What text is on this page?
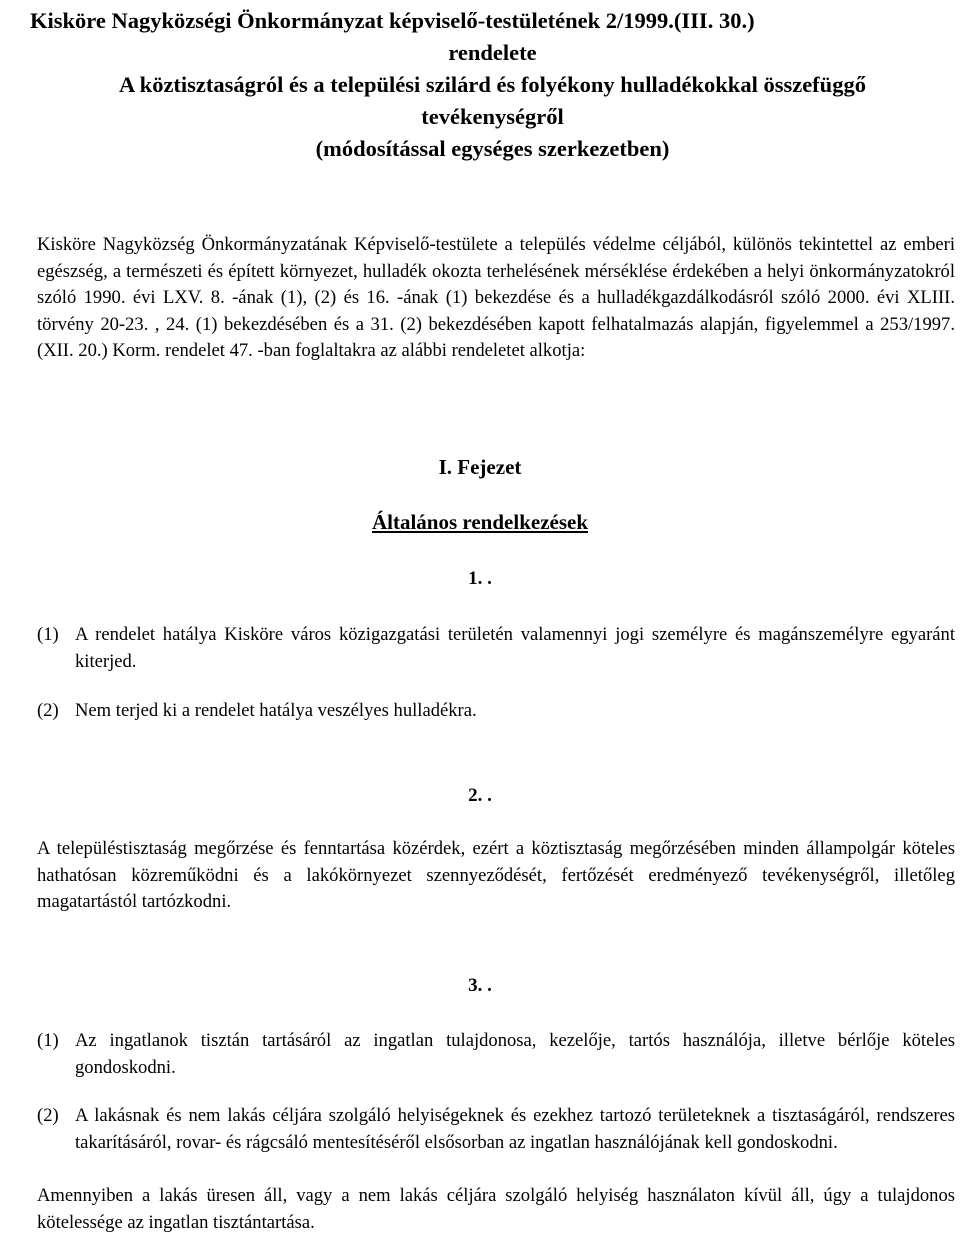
Kisköre Nagyközségi Önkormányzat képviselő-testületének 2/1999.(III. 30.)
rendelete
A köztisztaságról és a települési szilárd és folyékony hulladékokkal összefüggő
tevékenységről
(módosítással egységes szerkezetben)
Kisköre Nagyközség Önkormányzatának Képviselő-testülete a település védelme céljából, különös tekintettel az emberi egészség, a természeti és épített környezet, hulladék okozta terhelésének mérséklése érdekében a helyi önkormányzatokról szóló 1990. évi LXV. 8. -ának (1), (2) és 16. -ának (1) bekezdése és a hulladékgazdálkodásról szóló 2000. évi XLIII. törvény 20-23. , 24. (1) bekezdésében és a 31. (2) bekezdésében kapott felhatalmazás alapján, figyelemmel a 253/1997.(XII. 20.) Korm. rendelet 47. -ban foglaltakra az alábbi rendeletet alkotja:
I. Fejezet
Általános rendelkezések
1. .
(1) A rendelet hatálya Kisköre város közigazgatási területén valamennyi jogi személyre és magánszemélyre egyaránt kiterjed.
(2) Nem terjed ki a rendelet hatálya veszélyes hulladékra.
2. .
A településtisztaság megőrzése és fenntartása közérdek, ezért a köztisztaság megőrzésében minden állampolgár köteles hathatósan közreműködni és a lakókörnyezet szennyeződését, fertőzését eredményező tevékenységről, illetőleg magatartástól tartózkodni.
3. .
(1) Az ingatlanok tisztán tartásáról az ingatlan tulajdonosa, kezelője, tartós használója, illetve bérlője köteles gondoskodni.
(2) A lakásnak és nem lakás céljára szolgáló helyiségeknek és ezekhez tartozó területeknek a tisztaságáról, rendszeres takarításáról, rovar- és rágcsáló mentesítéséről elsősorban az ingatlan használójának kell gondoskodni.
Amennyiben a lakás üresen áll, vagy a nem lakás céljára szolgáló helyiség használaton kívül áll, úgy a tulajdonos kötelessége az ingatlan tisztántartása.
